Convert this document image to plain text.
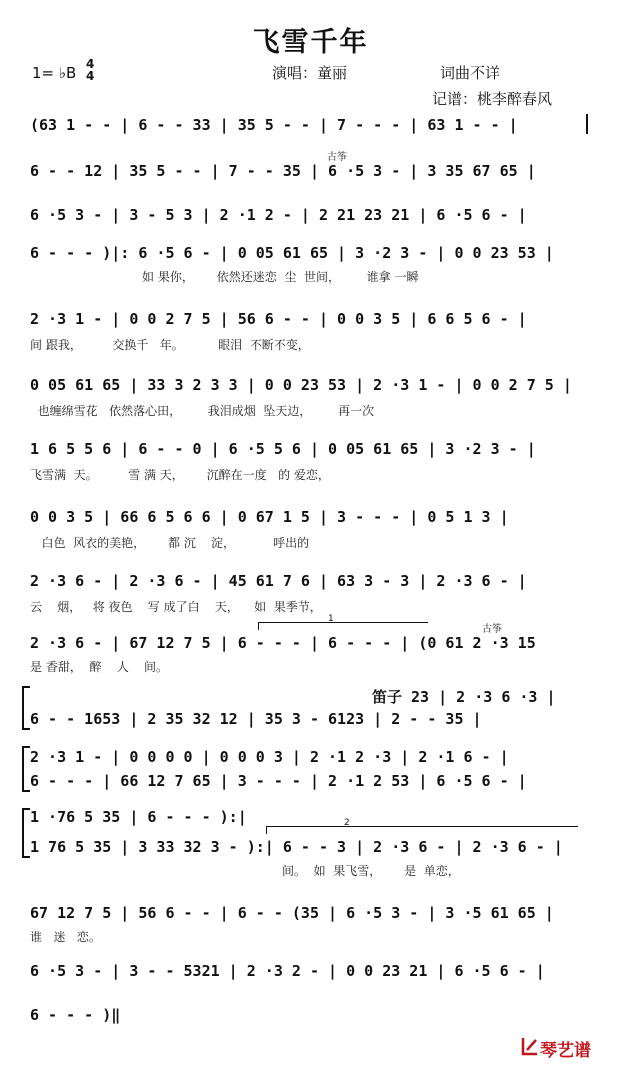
飞雪千年
1= ♭B 4
4	演唱：童丽	词曲不详
记谱：桃李醉春风
(63 1 - - | 6 - - 33 | 35 5 - - | 7 - - - | 63 1 - - |
古筝
6 - - 12 | 35 5 - - | 7 - - 35 | 6 ·5 3 - | 3 35 67 65 |
6 ·5 3 - | 3 - 5 3 | 2 ·1 2 - | 2 21 23 21 | 6 ·5 6 - |
6 - - - )|: 6 ·5 6 - | 0 05 61 65 | 3 ·2 3 - | 0 0 23 53 |
如 果你，      依然还迷恋  尘  世间，       谁拿 一瞬
2 ·3 1 - | 0 0 2 7 5 | 56 6 - - | 0 0 3 5 | 6 6 5 6 - |
间 跟我，        交换千   年。         眼泪  不断不变，
0 05 61 65 | 33 3 2 3 3 | 0 0 23 53 | 2 ·3 1 - | 0 0 2 7 5 |
也缠绵雪花   依然落心田，       我泪成烟  坠天边，       再一次
1 6 5 5 6 | 6 - - 0 | 6 ·5 5 6 | 0 05 61 65 | 3 ·2 3 - |
飞雪满  天。        雪 满 天，      沉醉在一度   的 爱恋，
0 0 3 5 | 66 6 5 6 6 | 0 67 1 5 | 3 - - - | 0 5 1 3 |
白色  风衣的美艳，      都 沉    淀，          呼出的
2 ·3 6 - | 2 ·3 6 - | 45 61 7 6 | 63 3 - 3 | 2 ·3 6 - |
云    烟，   将 夜色    写 成了白    天，    如  果季节，
1
古筝
2 ·3 6 - | 67 12 7 5 | 6 - - - | 6 - - - | (0 61 2 ·3 15
是 香甜，  醉    人    间。
笛子 23 | 2 ·3 6 ·3 |
6 - - 1653 | 2 35 32 12 | 35 3 - 6123 | 2 - - 35 |
2 ·3 1 - | 0 0 0 0 | 0 0 0 3 | 2 ·1 2 ·3 | 2 ·1 6 - |
6 - - - | 66 12 7 65 | 3 - - - | 2 ·1 2 53 | 6 ·5 6 - |
1 ·76 5 35 | 6 - - - ):|	2
1 76 5 35 | 3 33 32 3 - ):| 6 - - 3 | 2 ·3 6 - | 2 ·3 6 - |
间。  如  果飞雪，      是  单恋，
67 12 7 5 | 56 6 - - | 6 - - (35 | 6 ·5 3 - | 3 ·5 61 65 |
谁   迷   恋。
6 ·5 3 - | 3 - - 5321 | 2 ·3 2 - | 0 0 23 21 | 6 ·5 6 - |
6 - - - )‖
琴艺谱
